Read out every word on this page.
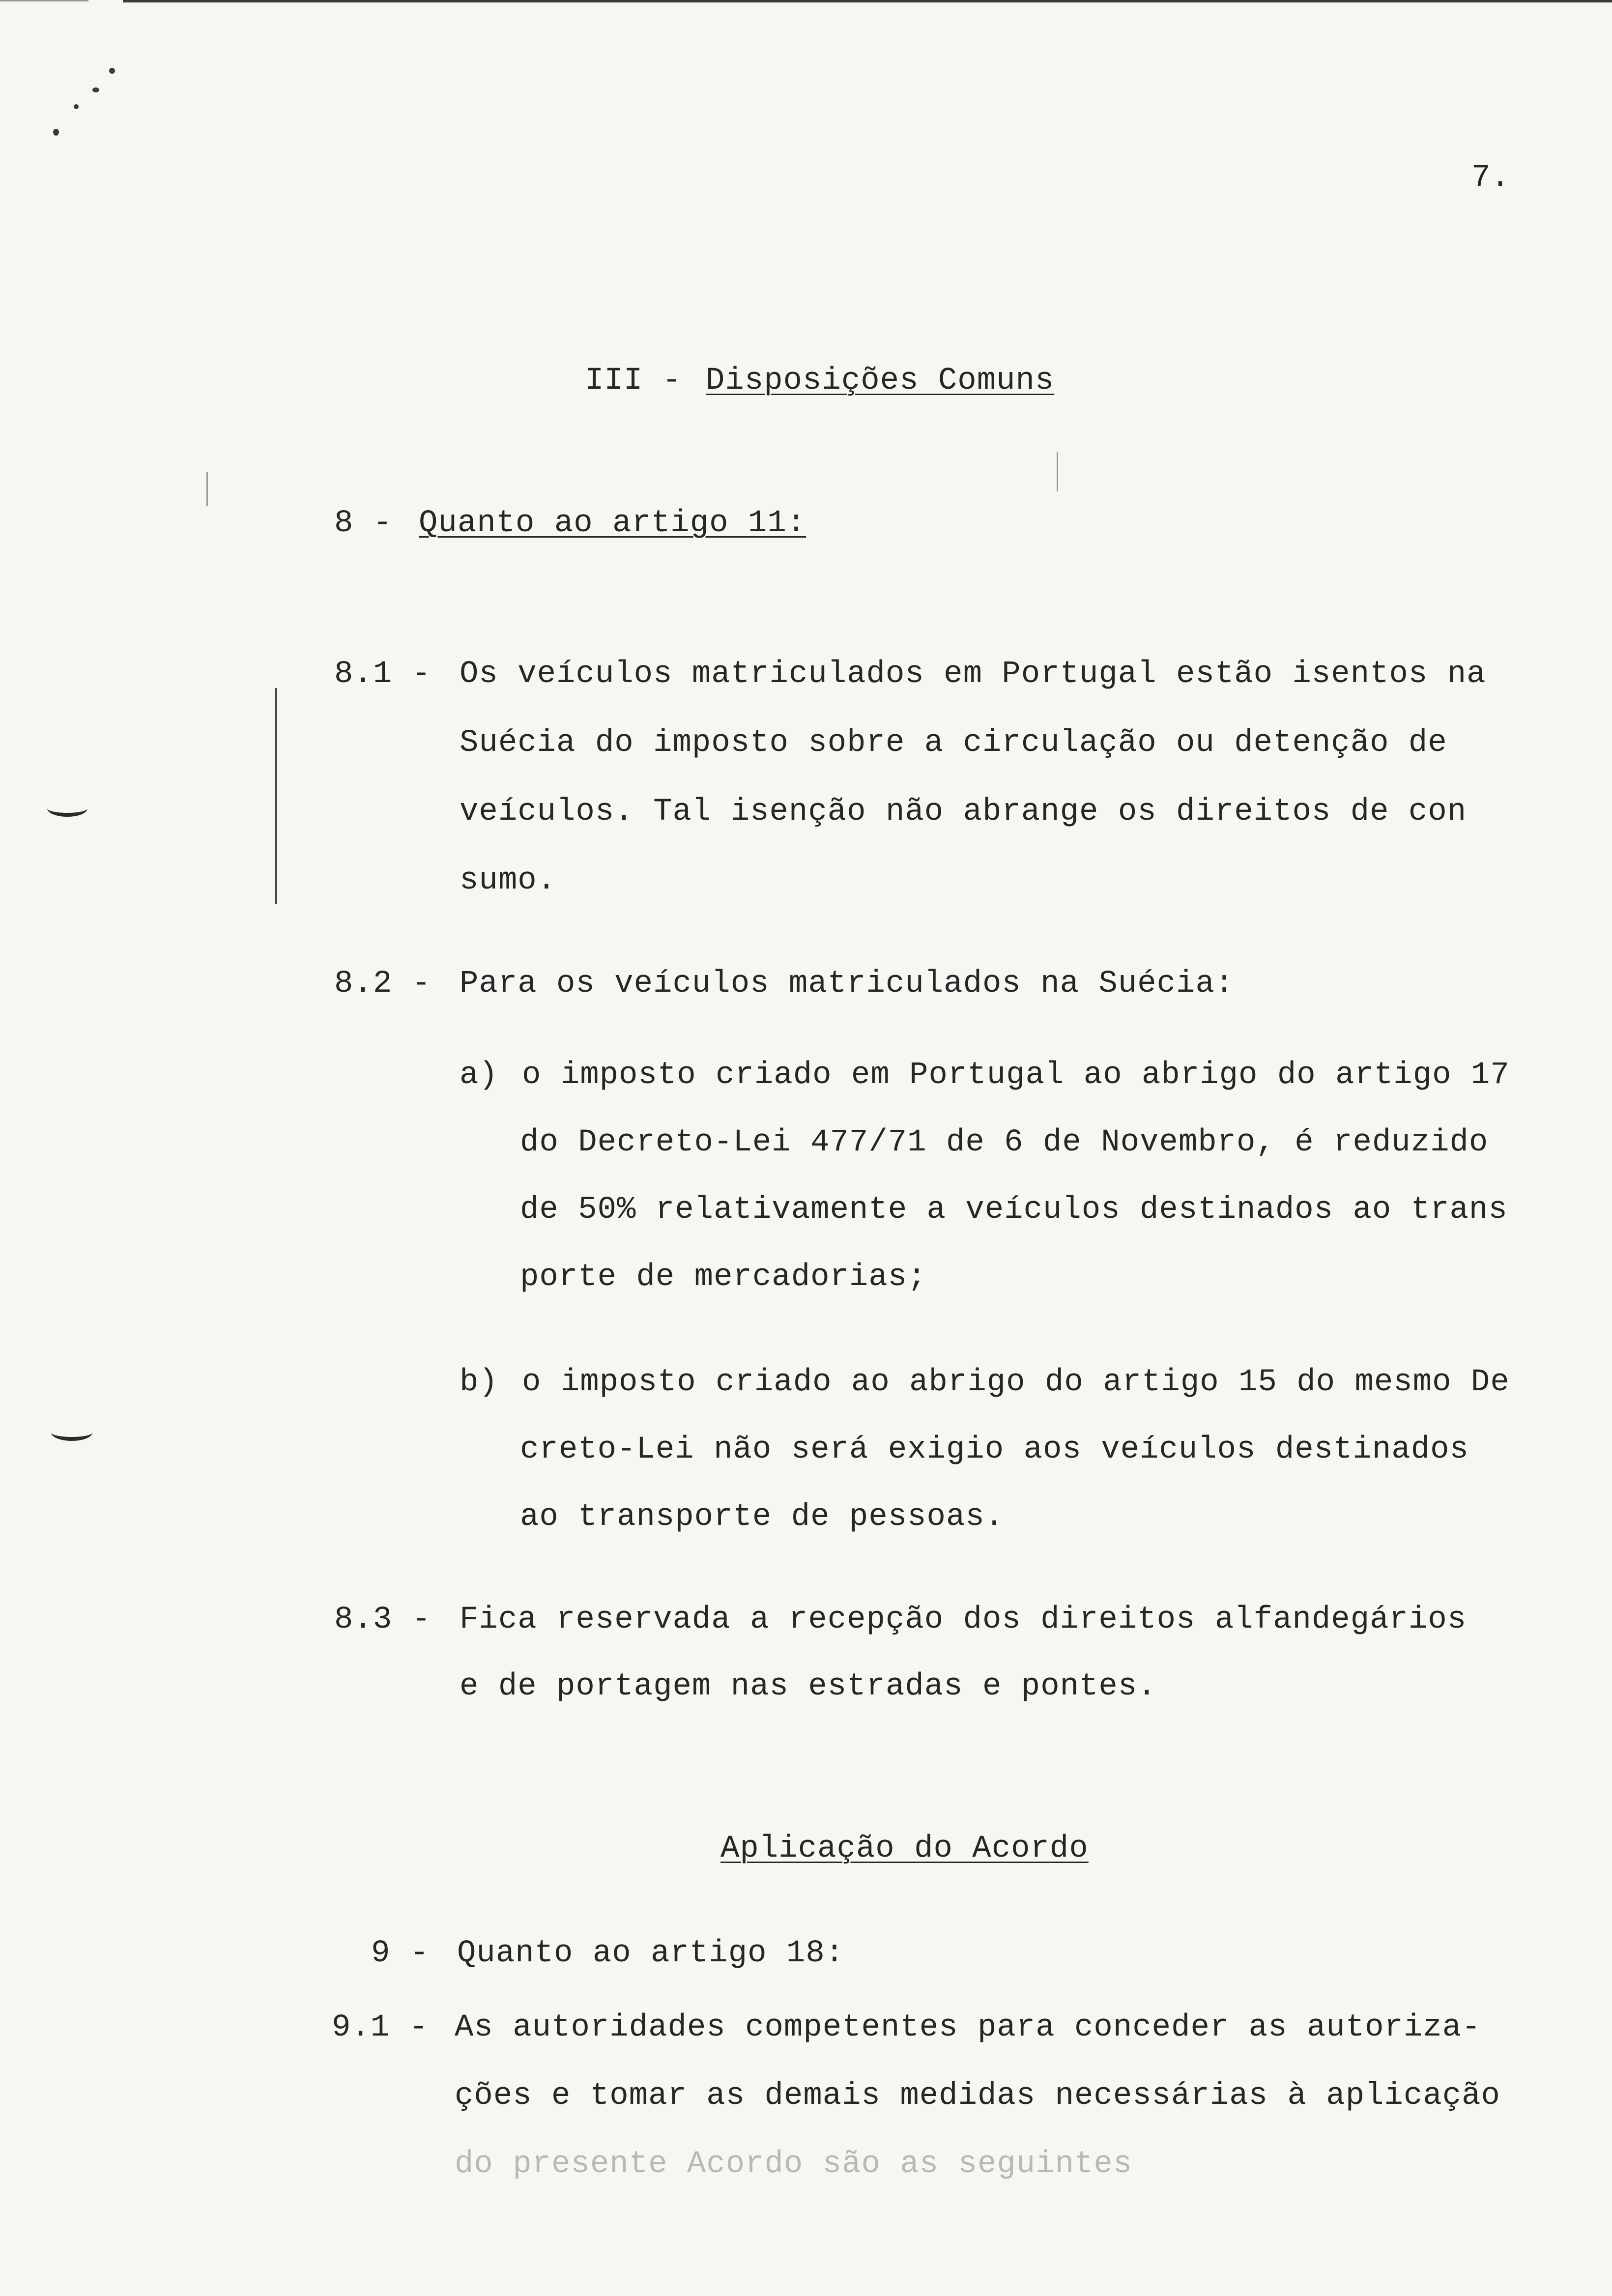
7.
III - Disposições Comuns
8 - Quanto ao artigo 11:
8.1 - Os veículos matriculados em Portugal estão isentos na
Suécia do imposto sobre a circulação ou detenção de
veículos. Tal isenção não abrange os direitos de con
sumo.
8.2 - Para os veículos matriculados na Suécia:
a) o imposto criado em Portugal ao abrigo do artigo 17
do Decreto-Lei 477/71 de 6 de Novembro, é reduzido
de 50% relativamente a veículos destinados ao trans
porte de mercadorias;
b) o imposto criado ao abrigo do artigo 15 do mesmo De
creto-Lei não será exigio aos veículos destinados
ao transporte de pessoas.
8.3 - Fica reservada a recepção dos direitos alfandegários
e de portagem nas estradas e pontes.
Aplicação do Acordo
9 - Quanto ao artigo 18:
9.1 - As autoridades competentes para conceder as autoriza-
ções e tomar as demais medidas necessárias à aplicação
do presente Acordo são as seguintes
